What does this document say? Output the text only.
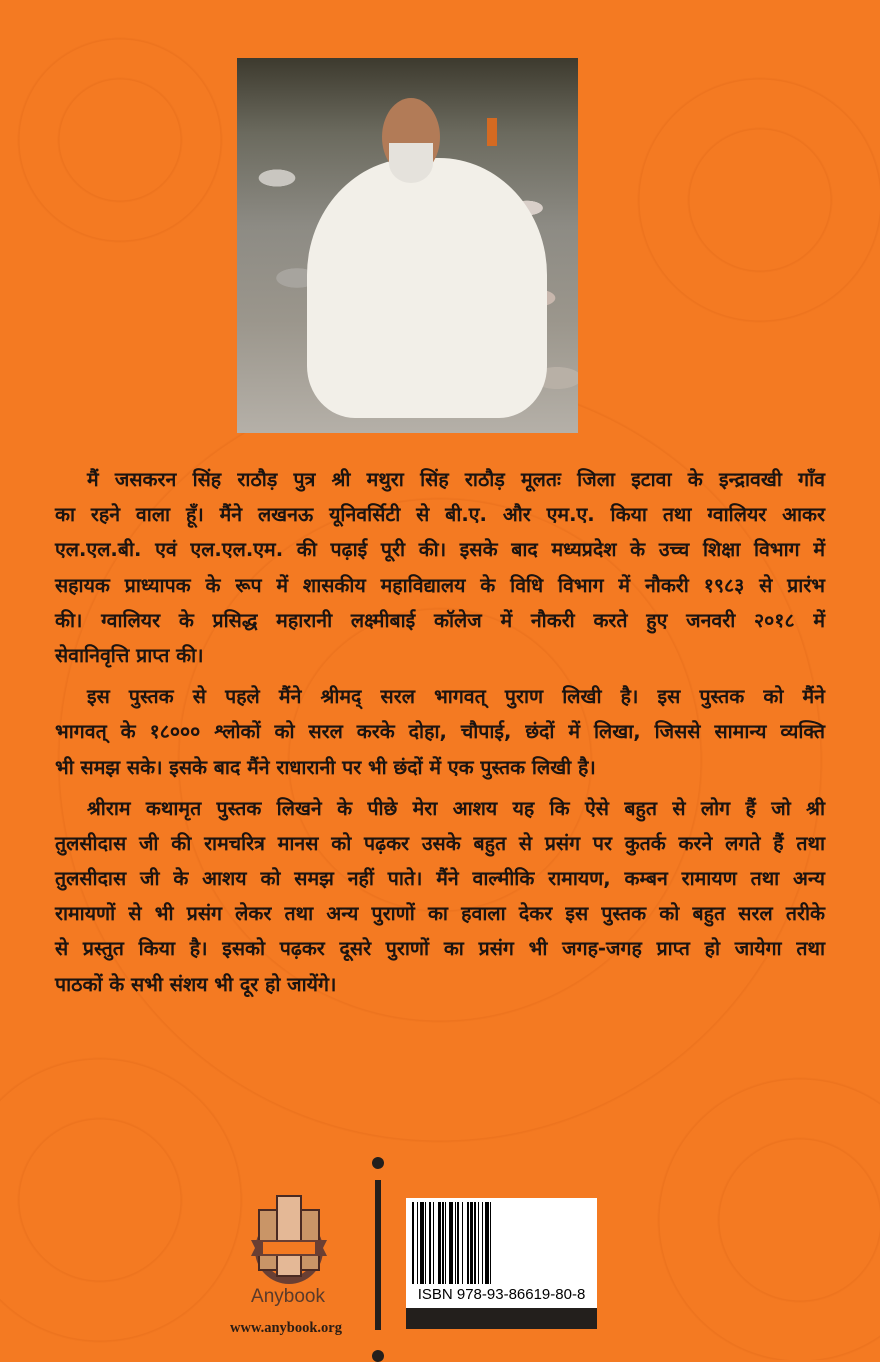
मैं जसकरन सिंह राठौड़ पुत्र श्री मथुरा सिंह राठौड़ मूलतः जिला इटावा के इन्द्रावखी गाँव
का रहने वाला हूँ। मैंने लखनऊ यूनिवर्सिटी से बी.ए. और एम.ए. किया तथा ग्वालियर आकर
एल.एल.बी. एवं एल.एल.एम. की पढ़ाई पूरी की। इसके बाद मध्यप्रदेश के उच्च शिक्षा विभाग में
सहायक प्राध्यापक के रूप में शासकीय महाविद्यालय के विधि विभाग में नौकरी १९८३ से प्रारंभ
की। ग्वालियर के प्रसिद्ध महारानी लक्ष्मीबाई कॉलेज में नौकरी करते हुए जनवरी २०१८ में
सेवानिवृत्ति प्राप्त की।
इस पुस्तक से पहले मैंने श्रीमद् सरल भागवत् पुराण लिखी है। इस पुस्तक को मैंने
भागवत् के १८००० श्लोकों को सरल करके दोहा, चौपाई, छंदों में लिखा, जिससे सामान्य व्यक्ति
भी समझ सके। इसके बाद मैंने राधारानी पर भी छंदों में एक पुस्तक लिखी है।
श्रीराम कथामृत पुस्तक लिखने के पीछे मेरा आशय यह कि ऐसे बहुत से लोग हैं जो श्री
तुलसीदास जी की रामचरित्र मानस को पढ़कर उसके बहुत से प्रसंग पर कुतर्क करने लगते हैं तथा
तुलसीदास जी के आशय को समझ नहीं पाते। मैंने वाल्मीकि रामायण, कम्बन रामायण तथा अन्य
रामायणों से भी प्रसंग लेकर तथा अन्य पुराणों का हवाला देकर इस पुस्तक को बहुत सरल तरीके
से प्रस्तुत किया है। इसको पढ़कर दूसरे पुराणों का प्रसंग भी जगह-जगह प्राप्त हो जायेगा तथा
पाठकों के सभी संशय भी दूर हो जायेंगे।
Anybook
www.anybook.org
ISBN 978-93-86619-80-8
